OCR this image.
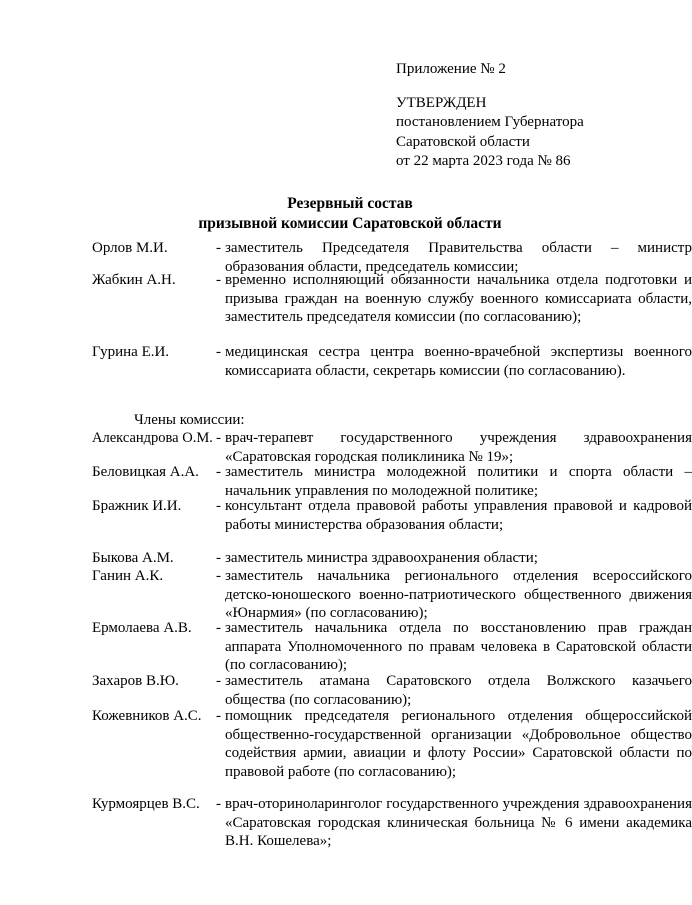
Приложение № 2
УТВЕРЖДЕН
постановлением Губернатора
Саратовской области
от 22 марта 2023 года № 86
Резервный состав
призывной комиссии Саратовской области
Орлов М.И.	- заместитель Председателя Правительства области – министр образования области, председатель комиссии;
Жабкин А.Н.	- временно исполняющий обязанности начальника отдела подготовки и призыва граждан на военную службу военного комиссариата области, заместитель председателя комиссии (по согласованию);
Гурина Е.И.	- медицинская сестра центра военно-врачебной экспертизы военного комиссариата области, секретарь комиссии (по согласованию).
Члены комиссии:
Александрова О.М. - врач-терапевт государственного учреждения здравоохранения «Саратовская городская поликлиника № 19»;
Беловицкая А.А. - заместитель министра молодежной политики и спорта области – начальник управления по молодежной политике;
Бражник И.И. - консультант отдела правовой работы управления правовой и кадровой работы министерства образования области;
Быкова А.М.	- заместитель министра здравоохранения области;
Ганин А.К.	- заместитель начальника регионального отделения всероссийского детско-юношеского военно-патриотического общественного движения «Юнармия» (по согласованию);
Ермолаева А.В. - заместитель начальника отдела по восстановлению прав граждан аппарата Уполномоченного по правам человека в Саратовской области (по согласованию);
Захаров В.Ю. - заместитель атамана Саратовского отдела Волжского казачьего общества (по согласованию);
Кожевников А.С. - помощник председателя регионального отделения общероссийской общественно-государственной организации «Добровольное общество содействия армии, авиации и флоту России» Саратовской области по правовой работе (по согласованию);
Курмоярцев В.С. - врач-оториноларинголог государственного учреждения здравоохранения «Саратовская городская клиническая больница № 6 имени академика В.Н. Кошелева»;
